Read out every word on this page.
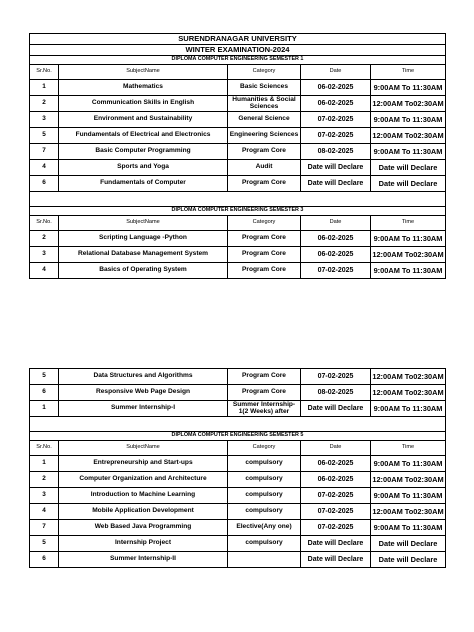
SURENDRANAGAR UNIVERSITY				
WINTER EXAMINATION-2024				
DIPLOMA COMPUTER ENGINEERING SEMESTER 1				
Sr.No.	SubjectName	Category	Date	Time
1	Mathematics	Basic Sciences	06-02-2025	9:00AM To 11:30AM
2	Communication Skills in English	Humanities & Social Sciences	06-02-2025	12:00AM To02:30AM
3	Environment and Sustainability	General Science	07-02-2025	9:00AM To 11:30AM
5	Fundamentals of Electrical and Electronics	Engineering Sciences	07-02-2025	12:00AM To02:30AM
7	Basic Computer Programming	Program Core	08-02-2025	9:00AM To 11:30AM
4	Sports and Yoga	Audit	Date will Declare	Date will Declare
6	Fundamentals of Computer	Program Core	Date will Declare	Date will Declare

DIPLOMA COMPUTER ENGINEERING SEMESTER 3				
Sr.No.	SubjectName	Category	Date	Time
2	Scripting Language -Python	Program Core	06-02-2025	9:00AM To 11:30AM
3	Relational Database Management System	Program Core	06-02-2025	12:00AM To02:30AM
4	Basics of Operating System	Program Core	07-02-2025	9:00AM To 11:30AM
5	Data Structures and Algorithms	Program Core	07-02-2025	12:00AM To02:30AM
6	Responsive Web Page Design	Program Core	08-02-2025	12:00AM To02:30AM
1	Summer Internship-I	Summer Internship-1(2 Weeks) after	Date will Declare	9:00AM To 11:30AM

DIPLOMA COMPUTER ENGINEERING SEMESTER 5				
Sr.No.	SubjectName	Category	Date	Time
1	Entrepreneurship and Start-ups	compulsory	06-02-2025	9:00AM To 11:30AM
2	Computer Organization and Architecture	compulsory	06-02-2025	12:00AM To02:30AM
3	Introduction to Machine Learning	compulsory	07-02-2025	9:00AM To 11:30AM
4	Mobile Application Development	compulsory	07-02-2025	12:00AM To02:30AM
7	Web Based Java Programming	Elective(Any one)	07-02-2025	9:00AM To 11:30AM
5	Internship Project	compulsory	Date will Declare	Date will Declare
6	Summer Internship-II		Date will Declare	Date will Declare
